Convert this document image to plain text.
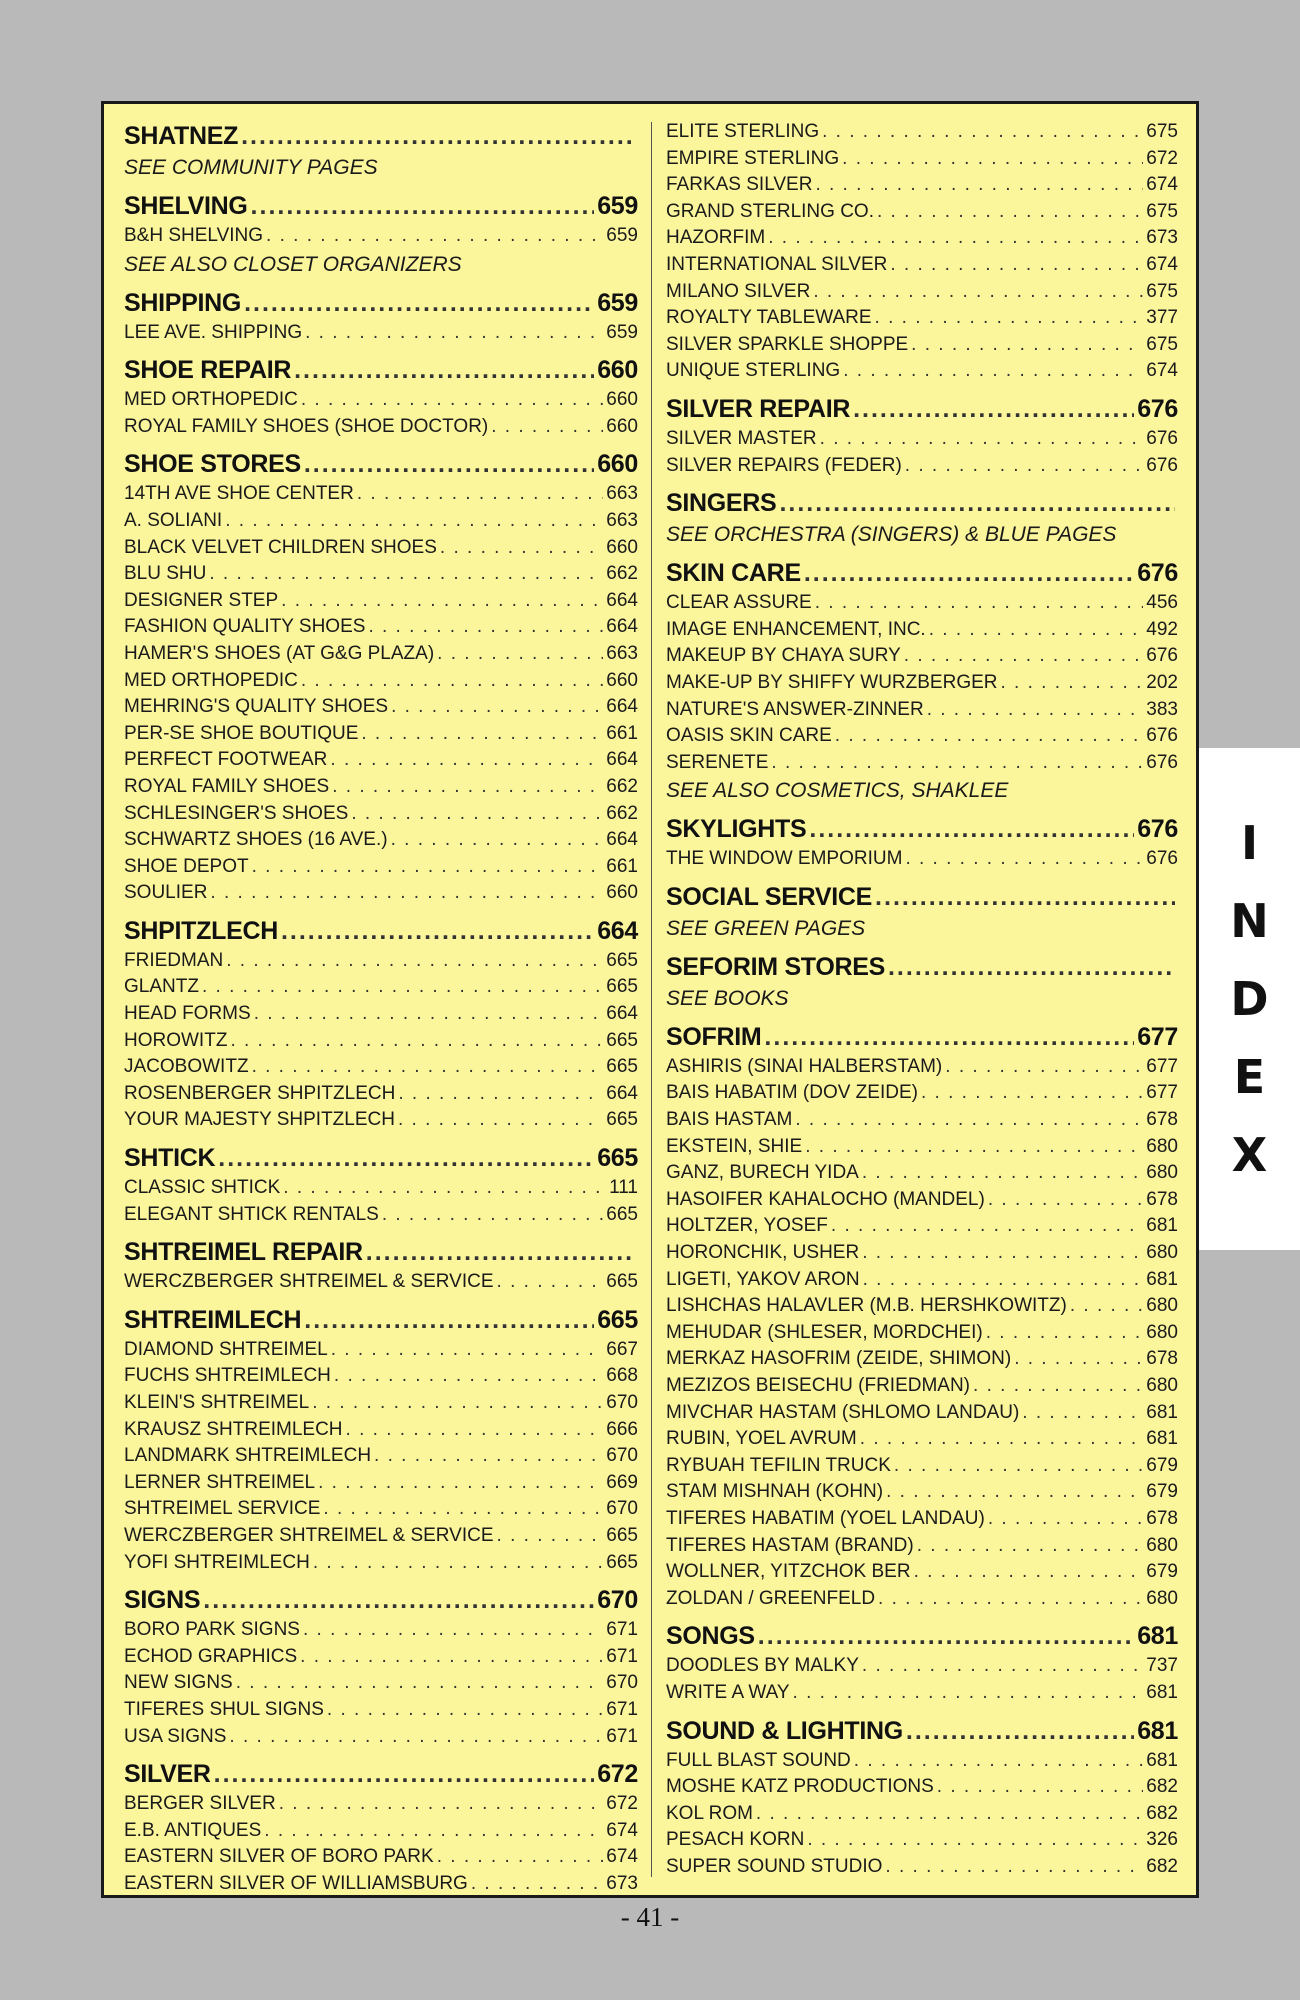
SHATNEZ
.....
SEE COMMUNITY PAGES
SHELVING .....	659
B&H SHELVING . . .	659
SEE ALSO CLOSET ORGANIZERS
SHIPPING .....	659
LEE AVE. SHIPPING . . .	659
SHOE REPAIR .....	660
MED ORTHOPEDIC . . .	660
ROYAL FAMILY SHOES (SHOE DOCTOR) . . .	660
SHOE STORES .....	660
14TH AVE SHOE CENTER . . .	663
A. SOLIANI . . .	663
BLACK VELVET CHILDREN SHOES . . .	660
BLU SHU . . .	662
DESIGNER STEP . . .	664
FASHION QUALITY SHOES . . .	664
HAMER'S SHOES (AT G&G PLAZA) . . .	663
MED ORTHOPEDIC . . .	660
MEHRING'S QUALITY SHOES . . .	664
PER-SE SHOE BOUTIQUE . . .	661
PERFECT FOOTWEAR . . .	664
ROYAL FAMILY SHOES . . .	662
SCHLESINGER'S SHOES . . .	662
SCHWARTZ SHOES (16 AVE.) . . .	664
SHOE DEPOT . . .	661
SOULIER . . .	660
SHPITZLECH .....	664
FRIEDMAN . . .	665
GLANTZ . . .	665
HEAD FORMS . . .	664
HOROWITZ . . .	665
JACOBOWITZ . . .	665
ROSENBERGER SHPITZLECH . . .	664
YOUR MAJESTY SHPITZLECH . . .	665
SHTICK .....	665
CLASSIC SHTICK . . .	111
ELEGANT SHTICK RENTALS . . .	665
SHTREIMEL REPAIR
.....
WERCZBERGER SHTREIMEL & SERVICE . . .	665
SHTREIMLECH .....	665
DIAMOND SHTREIMEL . . .	667
FUCHS SHTREIMLECH . . .	668
KLEIN'S SHTREIMEL . . .	670
KRAUSZ SHTREIMLECH . . .	666
LANDMARK SHTREIMLECH . . .	670
LERNER SHTREIMEL . . .	669
SHTREIMEL SERVICE . . .	670
WERCZBERGER SHTREIMEL & SERVICE . . .	665
YOFI SHTREIMLECH . . .	665
SIGNS .....	670
BORO PARK SIGNS . . .	671
ECHOD GRAPHICS . . .	671
NEW SIGNS . . .	670
TIFERES SHUL SIGNS . . .	671
USA SIGNS . . .	671
SILVER .....	672
BERGER SILVER . . .	672
E.B. ANTIQUES . . .	674
EASTERN SILVER OF BORO PARK . . .	674
EASTERN SILVER OF WILLIAMSBURG . . .	673
ELITE STERLING . . .	675
EMPIRE STERLING . . .	672
FARKAS SILVER . . .	674
GRAND STERLING CO. . . .	675
HAZORFIM . . .	673
INTERNATIONAL SILVER . . .	674
MILANO SILVER . . .	675
ROYALTY TABLEWARE . . .	377
SILVER SPARKLE SHOPPE . . .	675
UNIQUE STERLING . . .	674
SILVER REPAIR .....	676
SILVER MASTER . . .	676
SILVER REPAIRS (FEDER) . . .	676
SINGERS
.....
SEE ORCHESTRA (SINGERS) & BLUE PAGES
SKIN CARE .....	676
CLEAR ASSURE . . .	456
IMAGE ENHANCEMENT, INC. . . .	492
MAKEUP BY CHAYA SURY . . .	676
MAKE-UP BY SHIFFY WURZBERGER . . .	202
NATURE'S ANSWER-ZINNER . . .	383
OASIS SKIN CARE . . .	676
SERENETE . . .	676
SEE ALSO COSMETICS, SHAKLEE
SKYLIGHTS .....	676
THE WINDOW EMPORIUM . . .	676
SOCIAL SERVICE
.....
SEE GREEN PAGES
SEFORIM STORES
.....
SEE BOOKS
SOFRIM .....	677
ASHIRIS (SINAI HALBERSTAM) . . .	677
BAIS HABATIM (DOV ZEIDE) . . .	677
BAIS HASTAM . . .	678
EKSTEIN, SHIE . . .	680
GANZ, BURECH YIDA . . .	680
HASOIFER KAHALOCHO (MANDEL) . . .	678
HOLTZER, YOSEF . . .	681
HORONCHIK, USHER . . .	680
LIGETI, YAKOV ARON . . .	681
LISHCHAS HALAVLER (M.B. HERSHKOWITZ) . . .	680
MEHUDAR (SHLESER, MORDCHEI) . . .	680
MERKAZ HASOFRIM (ZEIDE, SHIMON) . . .	678
MEZIZOS BEISECHU (FRIEDMAN) . . .	680
MIVCHAR HASTAM (SHLOMO LANDAU) . . .	681
RUBIN, YOEL AVRUM . . .	681
RYBUAH TEFILIN TRUCK . . .	679
STAM MISHNAH (KOHN) . . .	679
TIFERES HABATIM (YOEL LANDAU) . . .	678
TIFERES HASTAM (BRAND) . . .	680
WOLLNER, YITZCHOK BER . . .	679
ZOLDAN / GREENFELD . . .	680
SONGS .....	681
DOODLES BY MALKY . . .	737
WRITE A WAY . . .	681
SOUND & LIGHTING .....	681
FULL BLAST SOUND . . .	681
MOSHE KATZ PRODUCTIONS . . .	682
KOL ROM . . .	682
PESACH KORN . . .	326
SUPER SOUND STUDIO . . .	682
I
N
D
E
X
- 41 -
